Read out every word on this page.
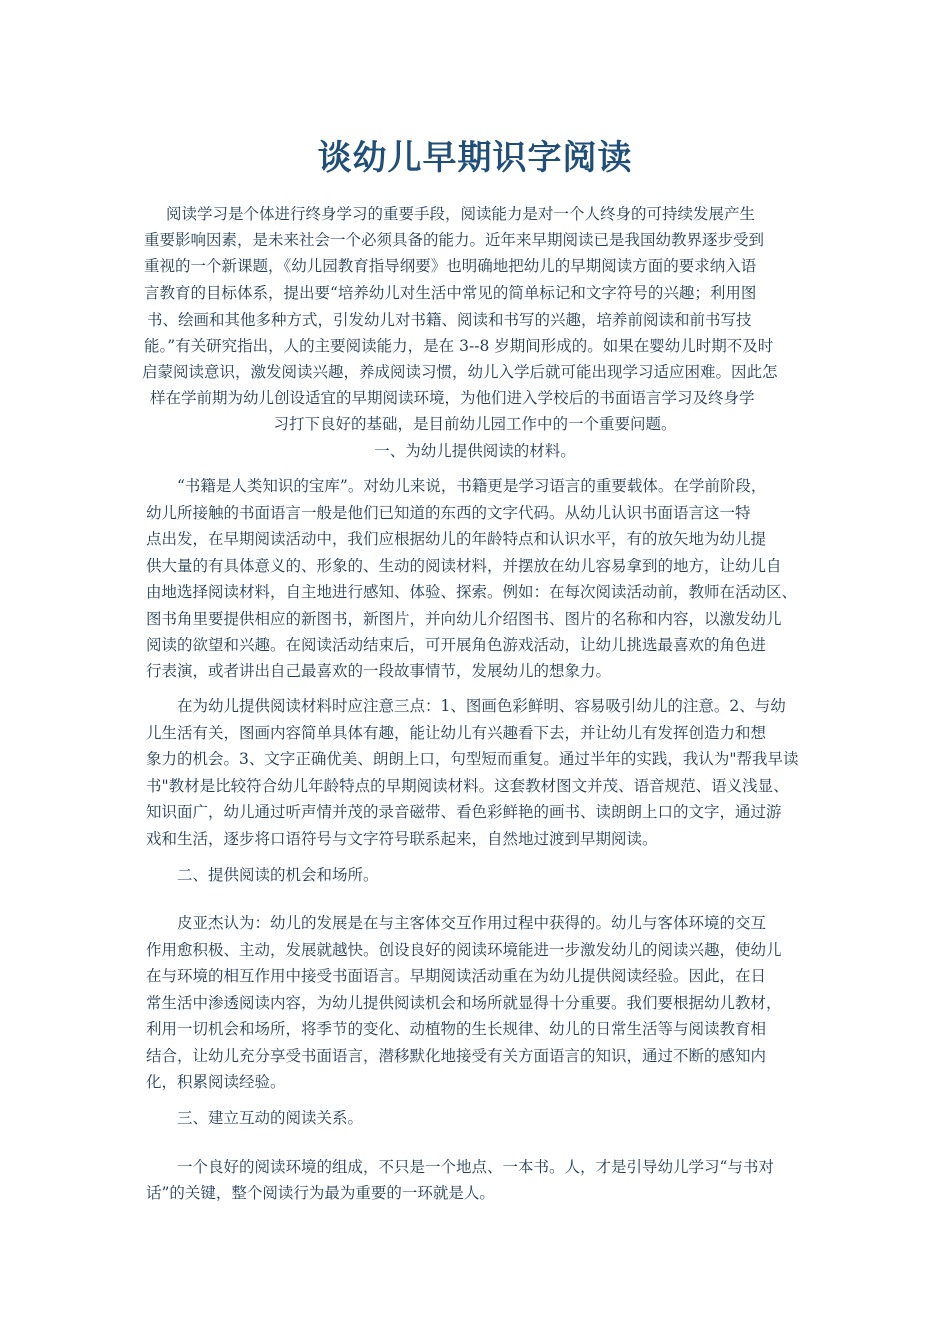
谈幼儿早期识字阅读
阅读学习是个体进行终身学习的重要手段，阅读能力是对一个人终身的可持续发展产生
重要影响因素，是未来社会一个必须具备的能力。近年来早期阅读已是我国幼教界逐步受到
重视的一个新课题，《幼儿园教育指导纲要》也明确地把幼儿的早期阅读方面的要求纳入语
言教育的目标体系，提出要“培养幼儿对生活中常见的简单标记和文字符号的兴趣；利用图
书、绘画和其他多种方式，引发幼儿对书籍、阅读和书写的兴趣，培养前阅读和前书写技
能。”有关研究指出，人的主要阅读能力，是在 3--8 岁期间形成的。如果在婴幼儿时期不及时
启蒙阅读意识，激发阅读兴趣，养成阅读习惯，幼儿入学后就可能出现学习适应困难。因此怎
样在学前期为幼儿创设适宜的早期阅读环境，为他们进入学校后的书面语言学习及终身学
习打下良好的基础，是目前幼儿园工作中的一个重要问题。
一、为幼儿提供阅读的材料。
“书籍是人类知识的宝库”。对幼儿来说，书籍更是学习语言的重要载体。在学前阶段，
幼儿所接触的书面语言一般是他们已知道的东西的文字代码。从幼儿认识书面语言这一特
点出发，在早期阅读活动中，我们应根据幼儿的年龄特点和认识水平，有的放矢地为幼儿提
供大量的有具体意义的、形象的、生动的阅读材料，并摆放在幼儿容易拿到的地方，让幼儿自
由地选择阅读材料，自主地进行感知、体验、探索。例如：在每次阅读活动前，教师在活动区、
图书角里要提供相应的新图书，新图片，并向幼儿介绍图书、图片的名称和内容，以激发幼儿
阅读的欲望和兴趣。在阅读活动结束后，可开展角色游戏活动，让幼儿挑选最喜欢的角色进
行表演，或者讲出自己最喜欢的一段故事情节，发展幼儿的想象力。
在为幼儿提供阅读材料时应注意三点：1、图画色彩鲜明、容易吸引幼儿的注意。2、与幼
儿生活有关，图画内容简单具体有趣，能让幼儿有兴趣看下去，并让幼儿有发挥创造力和想
象力的机会。3、文字正确优美、朗朗上口，句型短而重复。通过半年的实践，我认为"帮我早读
书"教材是比较符合幼儿年龄特点的早期阅读材料。这套教材图文并茂、语音规范、语义浅显、
知识面广，幼儿通过听声情并茂的录音磁带、看色彩鲜艳的画书、读朗朗上口的文字，通过游
戏和生活，逐步将口语符号与文字符号联系起来，自然地过渡到早期阅读。
二、提供阅读的机会和场所。
皮亚杰认为：幼儿的发展是在与主客体交互作用过程中获得的。幼儿与客体环境的交互
作用愈积极、主动，发展就越快。创设良好的阅读环境能进一步激发幼儿的阅读兴趣，使幼儿
在与环境的相互作用中接受书面语言。早期阅读活动重在为幼儿提供阅读经验。因此，在日
常生活中渗透阅读内容，为幼儿提供阅读机会和场所就显得十分重要。我们要根据幼儿教材，
利用一切机会和场所，将季节的变化、动植物的生长规律、幼儿的日常生活等与阅读教育相
结合，让幼儿充分享受书面语言，潜移默化地接受有关方面语言的知识，通过不断的感知内
化，积累阅读经验。
三、建立互动的阅读关系。
一个良好的阅读环境的组成，不只是一个地点、一本书。人，才是引导幼儿学习“与书对
话”的关键，整个阅读行为最为重要的一环就是人。
